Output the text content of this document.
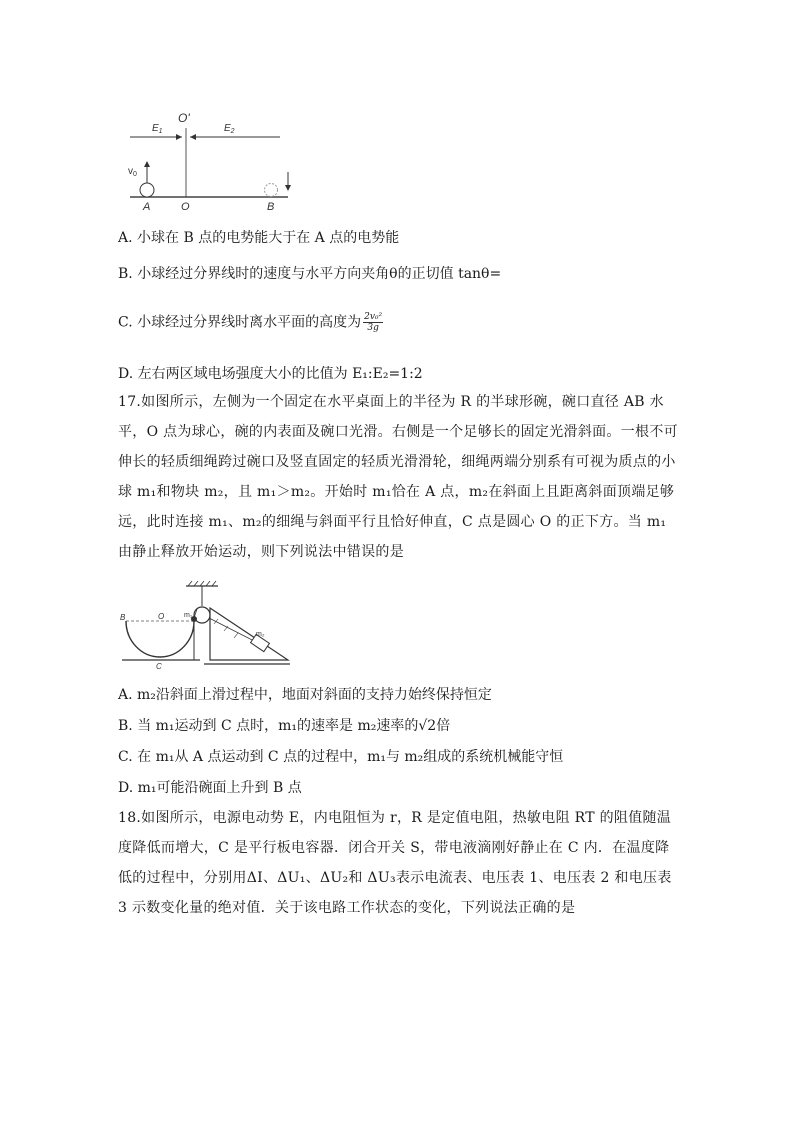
$E_1$
O'
$E_2$
$v_0$
A	O	B
A. 小球在 B 点的电势能大于在 A 点的电势能
B. 小球经过分界线时的速度与水平方向夹角θ的正切值 tanθ=
C. 小球经过分界线时离水平面的高度为 $\frac{\text{2v₀²}}{3g}$
D. 左右两区域电场强度大小的比值为 E₁:E₂=1:2
17.如图所示，左侧为一个固定在水平桌面上的半径为 R 的半球形碗，碗口直径 AB 水平，O 点为球心，碗的内表面及碗口光滑。右侧是一个足够长的固定光滑斜面。一根不可伸长的轻质细绳跨过碗口及竖直固定的轻质光滑滑轮，细绳两端分别系有可视为质点的小球 m₁和物块 m₂，且 m₁＞m₂。开始时 m₁恰在 A 点，m₂在斜面上且距离斜面顶端足够远，此时连接 m₁、m₂的细绳与斜面平行且恰好伸直，C 点是圆心 O 的正下方。当 m₁由静止释放开始运动，则下列说法中错误的是
B	O	m₁
C
m₂
A. m₂沿斜面上滑过程中，地面对斜面的支持力始终保持恒定
B. 当 m₁运动到 C 点时，m₁的速率是 m₂速率的√2倍
C. 在 m₁从 A 点运动到 C 点的过程中，m₁与 m₂组成的系统机械能守恒
D. m₁可能沿碗面上升到 B 点
18.如图所示，电源电动势 E，内电阻恒为 r，R 是定值电阻，热敏电阻 RT 的阻值随温度降低而增大，C 是平行板电容器．闭合开关 S，带电液滴刚好静止在 C 内．在温度降低的过程中，分别用ΔI、ΔU₁、ΔU₂和 ΔU₃表示电流表、电压表 1、电压表 2 和电压表 3 示数变化量的绝对值．关于该电路工作状态的变化，下列说法正确的是
